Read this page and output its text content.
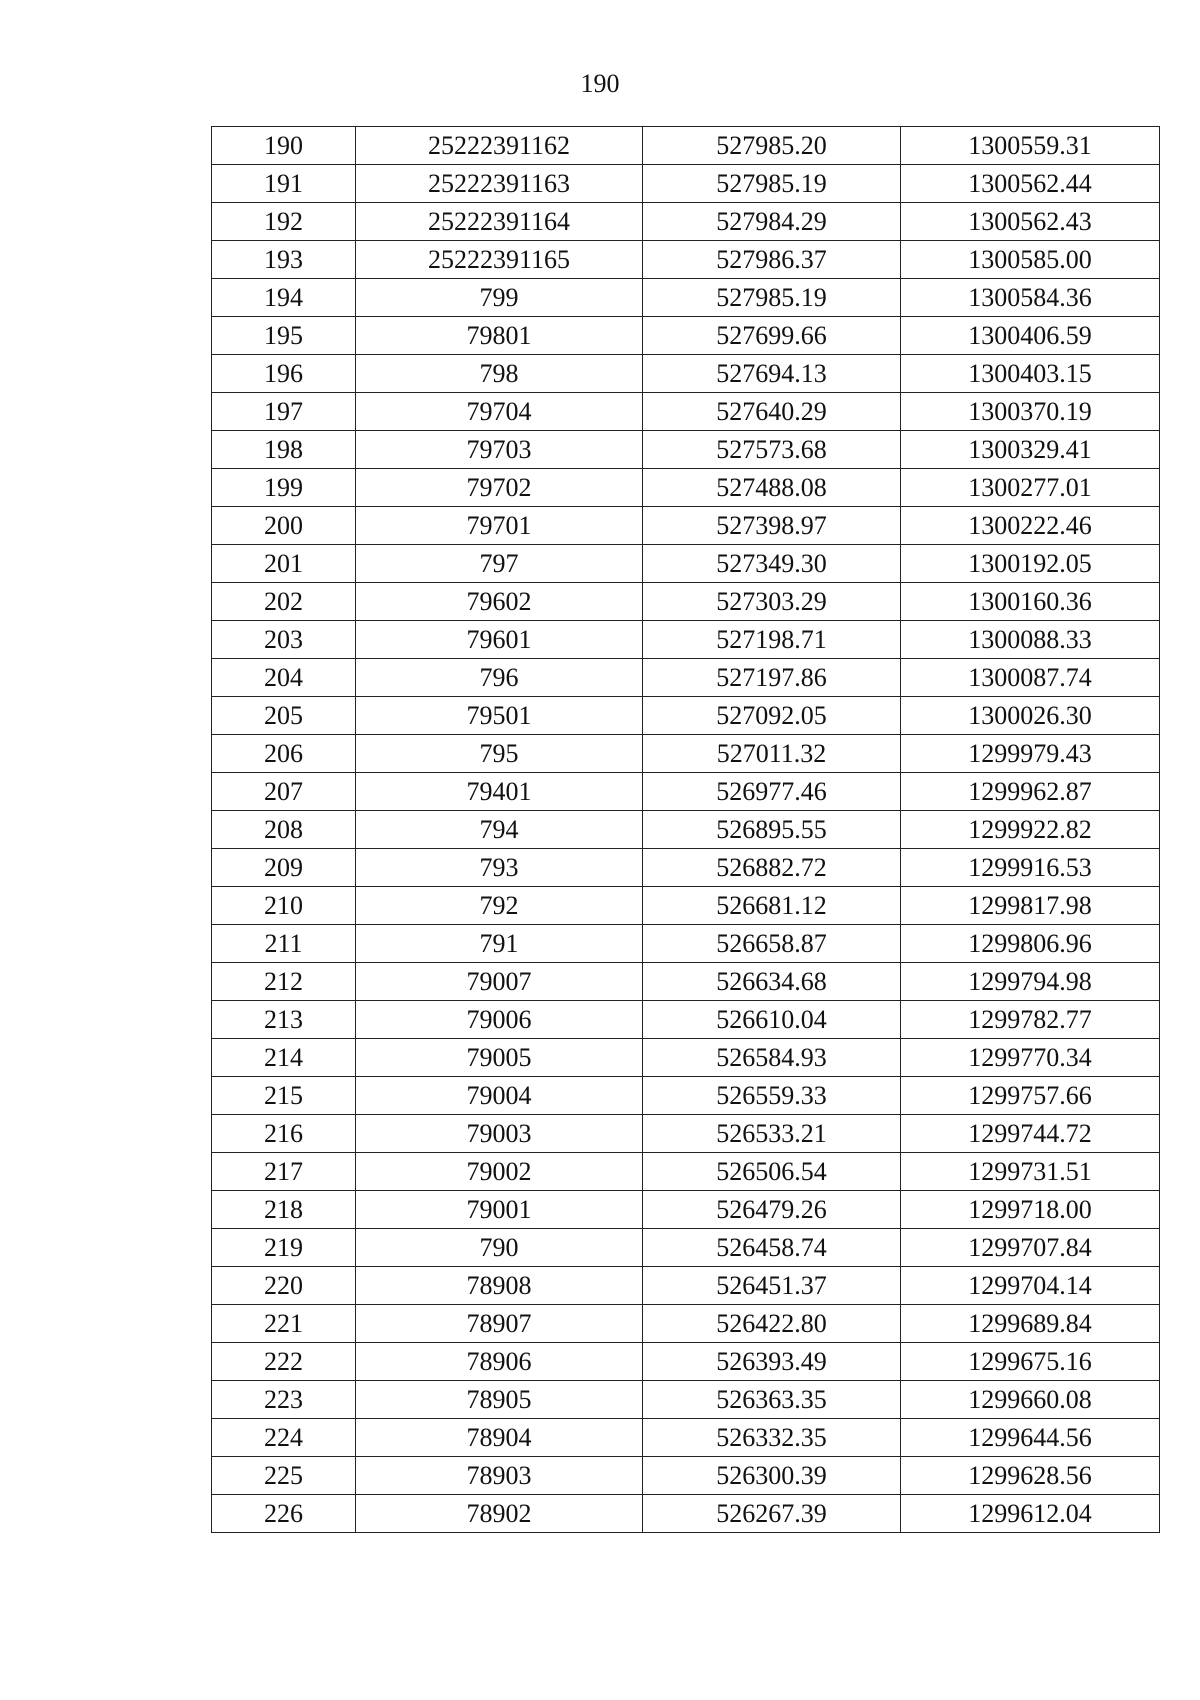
190
190	25222391162	527985.20	1300559.31
191	25222391163	527985.19	1300562.44
192	25222391164	527984.29	1300562.43
193	25222391165	527986.37	1300585.00
194	799	527985.19	1300584.36
195	79801	527699.66	1300406.59
196	798	527694.13	1300403.15
197	79704	527640.29	1300370.19
198	79703	527573.68	1300329.41
199	79702	527488.08	1300277.01
200	79701	527398.97	1300222.46
201	797	527349.30	1300192.05
202	79602	527303.29	1300160.36
203	79601	527198.71	1300088.33
204	796	527197.86	1300087.74
205	79501	527092.05	1300026.30
206	795	527011.32	1299979.43
207	79401	526977.46	1299962.87
208	794	526895.55	1299922.82
209	793	526882.72	1299916.53
210	792	526681.12	1299817.98
211	791	526658.87	1299806.96
212	79007	526634.68	1299794.98
213	79006	526610.04	1299782.77
214	79005	526584.93	1299770.34
215	79004	526559.33	1299757.66
216	79003	526533.21	1299744.72
217	79002	526506.54	1299731.51
218	79001	526479.26	1299718.00
219	790	526458.74	1299707.84
220	78908	526451.37	1299704.14
221	78907	526422.80	1299689.84
222	78906	526393.49	1299675.16
223	78905	526363.35	1299660.08
224	78904	526332.35	1299644.56
225	78903	526300.39	1299628.56
226	78902	526267.39	1299612.04
